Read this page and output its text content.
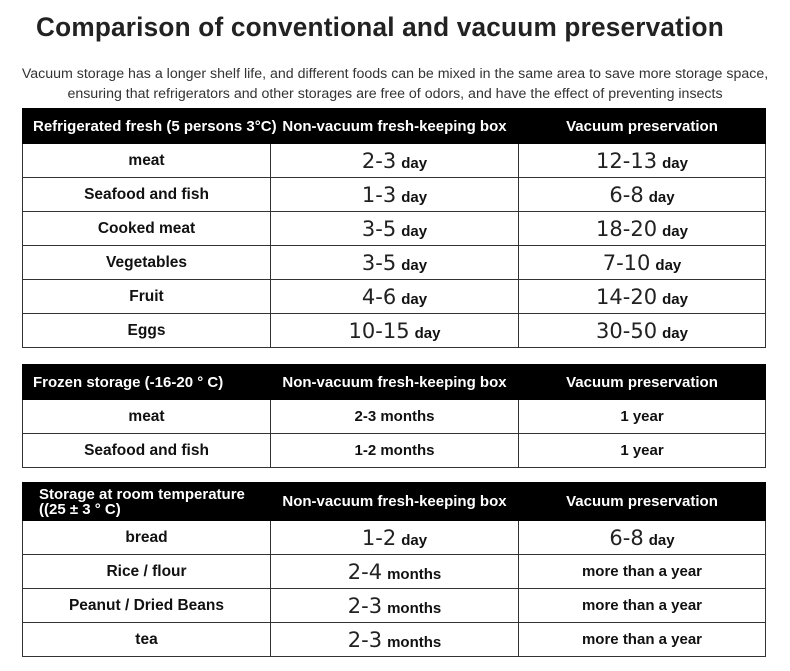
Comparison of conventional and vacuum preservation
Vacuum storage has a longer shelf life, and different foods can be mixed in the same area to save more storage space,
ensuring that refrigerators and other storages are free of odors, and have the effect of preventing insects
Refrigerated fresh (5 persons 3°C)	Non-vacuum fresh-keeping box	Vacuum preservation
meat	2-3 day	12-13 day
Seafood and fish	1-3 day	6-8 day
Cooked meat	3-5 day	18-20 day
Vegetables	3-5 day	7-10 day
Fruit	4-6 day	14-20 day
Eggs	10-15 day	30-50 day
Frozen storage (-16-20 ° C)	Non-vacuum fresh-keeping box	Vacuum preservation
meat	2-3 months	1 year
Seafood and fish	1-2 months	1 year
Storage at room temperature
((25 ± 3 ° C)	Non-vacuum fresh-keeping box	Vacuum preservation
bread	1-2 day	6-8 day
Rice / flour	2-4 months	more than a year
Peanut / Dried Beans	2-3 months	more than a year
tea	2-3 months	more than a year
